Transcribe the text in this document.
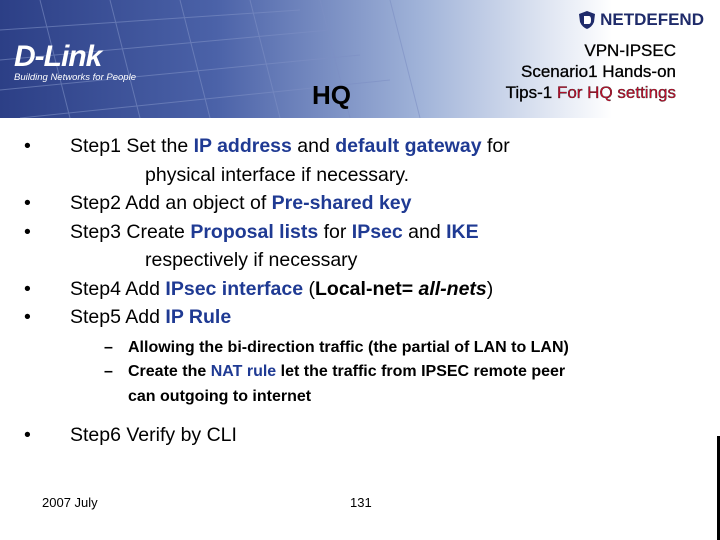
D-Link
Building Networks for People
NETDEFEND
HQ
VPN-IPSEC
Scenario1 Hands-on
Tips-1 For HQ settings
•	Step1 Set the IP address and default gateway for
physical interface if necessary.
•	Step2 Add an object of Pre-shared key
•	Step3 Create Proposal lists for IPsec and IKE
respectively if necessary
•	Step4 Add IPsec interface (Local-net= all-nets)
•	Step5 Add IP Rule
– Allowing the bi-direction traffic (the partial of LAN to LAN)
– Create the NAT rule let the traffic from IPSEC remote peer
can outgoing to internet
•	Step6 Verify by CLI
2007 July	131
